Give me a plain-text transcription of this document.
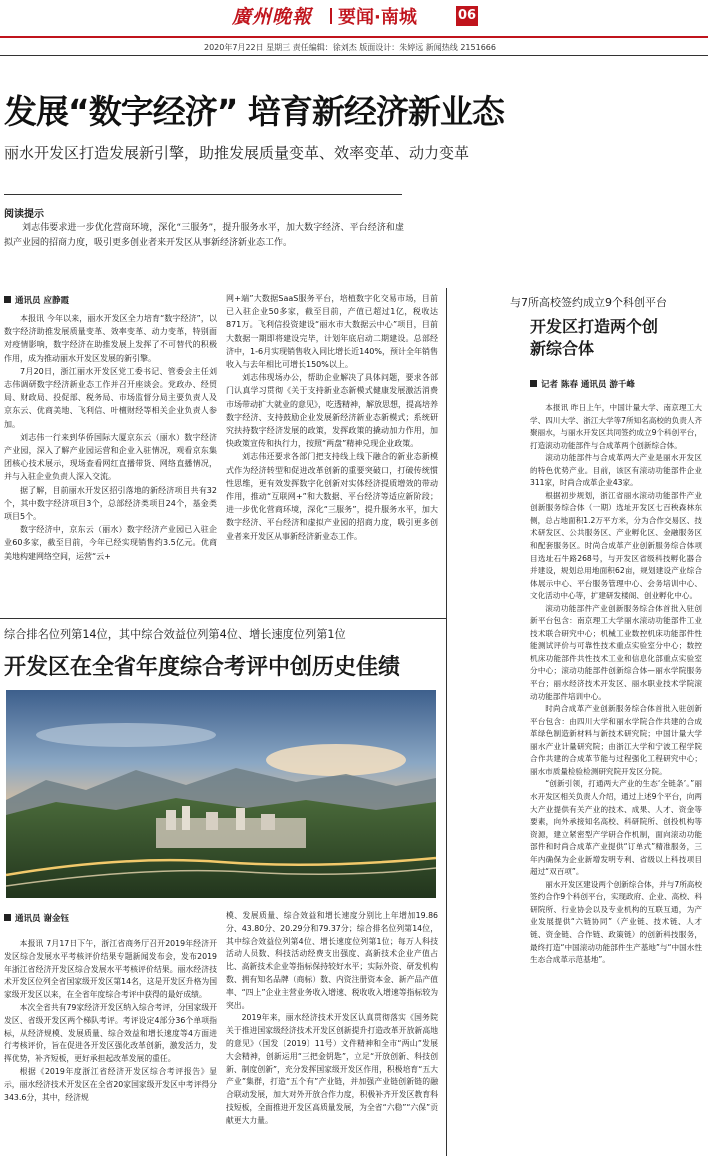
廣州晚報 要闻·南城	06
2020年7月22日 星期三 责任编辑：徐刘杰 版面设计：朱婷远 新闻热线 2151666
发展“数字经济” 培育新经济新业态
丽水开发区打造发展新引擎，助推发展质量变革、效率变革、动力变革
阅读提示
刘志伟要求进一步优化营商环境，深化“三服务”，提升服务水平，加大数字经济、平台经济和虚拟产业园的招商力度，吸引更多创业者来开发区从事新经济新业态工作。
通讯员 应静霞

本报讯 今年以来，丽水开发区全力培育“数字经济”，以数字经济助推发展质量变革、效率变革、动力变革，特别面对疫情影响，数字经济在助推发展上发挥了不可替代的积极作用，成为推动丽水开发区发展的新引擎。

7月20日，浙江丽水开发区党工委书记、管委会主任刘志伟调研数字经济新业态工作并召开座谈会。党政办、经贸局、财政局、投促部、税务局、市场监督分局主要负责人及京东云、优商美地、飞利信、叶檀财经等相关企业负责人参加。

刘志伟一行来到华侨国际大厦京东云（丽水）数字经济产业园，深入了解产业园运营和企业入驻情况，观看京东集团核心技术展示，现场查看网红直播带货、网络直播情况，并与入驻企业负责人深入交流。

据了解，目前丽水开发区招引落地的新经济项目共有32个，其中数字经济项目3个，总部经济类项目24个，基金类项目5个。

数字经济中，京东云（丽水）数字经济产业园已入驻企业60多家，截至目前，今年已经实现销售约3.5亿元。优商美地构建网络空间，运营“云+

网+端”大数据SaaS服务平台，培植数字化交易市场，目前已入驻企业50多家，截至目前，产值已超过1亿，税收达871万。飞利信投资建设“丽水市大数据云中心”项目，目前大数据一期即将建设完毕，计划年底启动二期建设。总部经济中，1-6月实现销售收入同比增长近140%，预计全年销售收入与去年相比可增长150%以上。

刘志伟现场办公，帮助企业解决了具体问题，要求各部门认真学习贯彻《关于支持新业态新模式健康发展激活消费市场带动扩大就业的意见》，吃透精神，解放思想，提高培养数字经济、支持鼓励企业发展新经济新业态新模式；系统研究扶持数字经济发展的政策，发挥政策的撬动加力作用，加快政策宣传和执行力，按照“两盘”精神兑现企业政策。

刘志伟还要求各部门把支持线上线下融合的新业态新模式作为经济转型和促进改革创新的重要突破口，打破传统惯性思维，更有效发挥数字化创新对实体经济提质增效的带动作用，推动“互联网+”和大数据、平台经济等适应新阶段；进一步优化营商环境，深化“三服务”，提升服务水平，加大数字经济、平台经济和虚拟产业园的招商力度，吸引更多创业者来开发区从事新经济新业态工作。

与7所高校签约成立9个科创平台
开发区打造两个创新综合体
记者 陈春 通讯员 游千峰

本报讯 昨日上午，中国计量大学、南京理工大学、四川大学、浙江大学等7所知名高校的负责人齐聚丽水，与丽水开发区共同签约成立9个科创平台，打造滚动功能部件与合成革两个创新综合体。

滚动功能部件与合成革两大产业是丽水开发区的特色优势产业。目前，该区有滚动功能部件企业311家，时尚合成革企业43家。

根据初步规划，浙江省丽水滚动功能部件产业创新服务综合体（一期）选址开发区七百秧森林东侧，总占地面积1.2万平方米，分为合作交易区、技术研发区、公共服务区、产业孵化区、金融服务区和配套服务区。时尚合成革产业创新服务综合体项目选址石牛路268号，与开发区省级科技孵化器合并建设，规划总用地面积62亩，规划建设产业综合体展示中心、平台服务管理中心、会务培训中心、文化活动中心等，扩建研发楼阁、创业孵化中心。

滚动功能部件产业创新服务综合体首批入驻创新平台包含：南京理工大学丽水滚动功能部件工业技术联合研究中心；机械工业数控机床功能部件性能测试评价与可靠性技术重点实验室分中心；数控机床功能部件共性技术工业和信息化部重点实验室分中心；滚动功能部件创新综合体—丽水学院服务平台；丽水经济技术开发区、丽水职业技术学院滚动功能部件培训中心。

时尚合成革产业创新服务综合体首批入驻创新平台包含：由四川大学和丽水学院合作共建的合成革绿色制造新材料与新技术研究院；中国计量大学丽水产业计量研究院；由浙江大学和宁波工程学院合作共建的合成革节能与过程强化工程研究中心；丽水市质量检验检测研究院开发区分院。

“创新引领，打通两大产业的生态‘全链条’。”丽水开发区相关负责人介绍，通过上述9个平台，向两大产业提供有关产业的技术、成果、人才、资金等要素，向外承接知名高校、科研院所、创投机构等资源，建立紧密型产学研合作机制，面向滚动功能部件和时尚合成革产业提供“订单式”精准服务，三年内确保为企业新增发明专利、省级以上科技项目超过“双百项”。

丽水开发区建设两个创新综合体，并与7所高校签约合作9个科创平台，实现政府、企业、高校、科研院所、行业协会以及专业机构的互联互通，为产业发展提供“六链协同”（产业链、技术链、人才链、资金链、合作链、政策链）的创新科技服务，最终打造“中国滚动功能部件生产基地”与“中国水性生态合成革示范基地”。

综合排名位列第14位，其中综合效益位列第4位、增长速度位列第1位
开发区在全省年度综合考评中创历史佳绩
通讯员 谢金钰

本报讯 7月17日下午，浙江省商务厅召开2019年经济开发区综合发展水平考核评价结果专题新闻发布会，发布2019年浙江省经济开发区综合发展水平考核评价结果。丽水经济技术开发区位列全省国家级开发区第14名，这是开发区升格为国家级开发区以来，在全省年度综合考评中获得的最好成绩。

本次全省共有79家经济开发区纳入综合考评，分国家级开发区、省级开发区两个梯队考评。考评设定4部分36个单项指标，从经济规模、发展质量、综合效益和增长速度等4方面进行考核评价，旨在促进各开发区强化改革创新，激发活力，发挥优势，补齐短板，更好承担起改革发展的重任。

根据《2019年度浙江省经济开发区综合考评报告》显示，丽水经济技术开发区在全省20家国家级开发区中考评得分343.6分，其中，经济规

模、发展质量、综合效益和增长速度分别比上年增加19.86分、43.80分、20.29分和79.37分；综合排名位列第14位，其中综合效益位列第4位、增长速度位列第1位；每万人科技活动人员数、科技活动经费支出强度、高新技术企业产值占比、高新技术企业等指标保持较好水平；实际外资、研发机构数、拥有知名品牌（商标）数、内资注册资本金、新产品产值率、“四上”企业主营业务收入增速、税收收入增速等指标较为突出。

2019年来，丽水经济技术开发区认真贯彻落实《国务院关于推进国家级经济技术开发区创新提升打造改革开放新高地的意见》（国发〔2019〕11号）文件精神和全市“两山”发展大会精神，创新运用“三把金钥匙”，立足“开放创新、科技创新、制度创新”，充分发挥国家级开发区作用，积极培育“五大产业”集群，打造“五个有”产业链，并加强产业链创新链的融合联动发展，加大对外开放合作力度，积极补齐开发区教育科技短板，全面推进开发区高质量发展，为全省“六稳”“六保”贡献更大力量。
